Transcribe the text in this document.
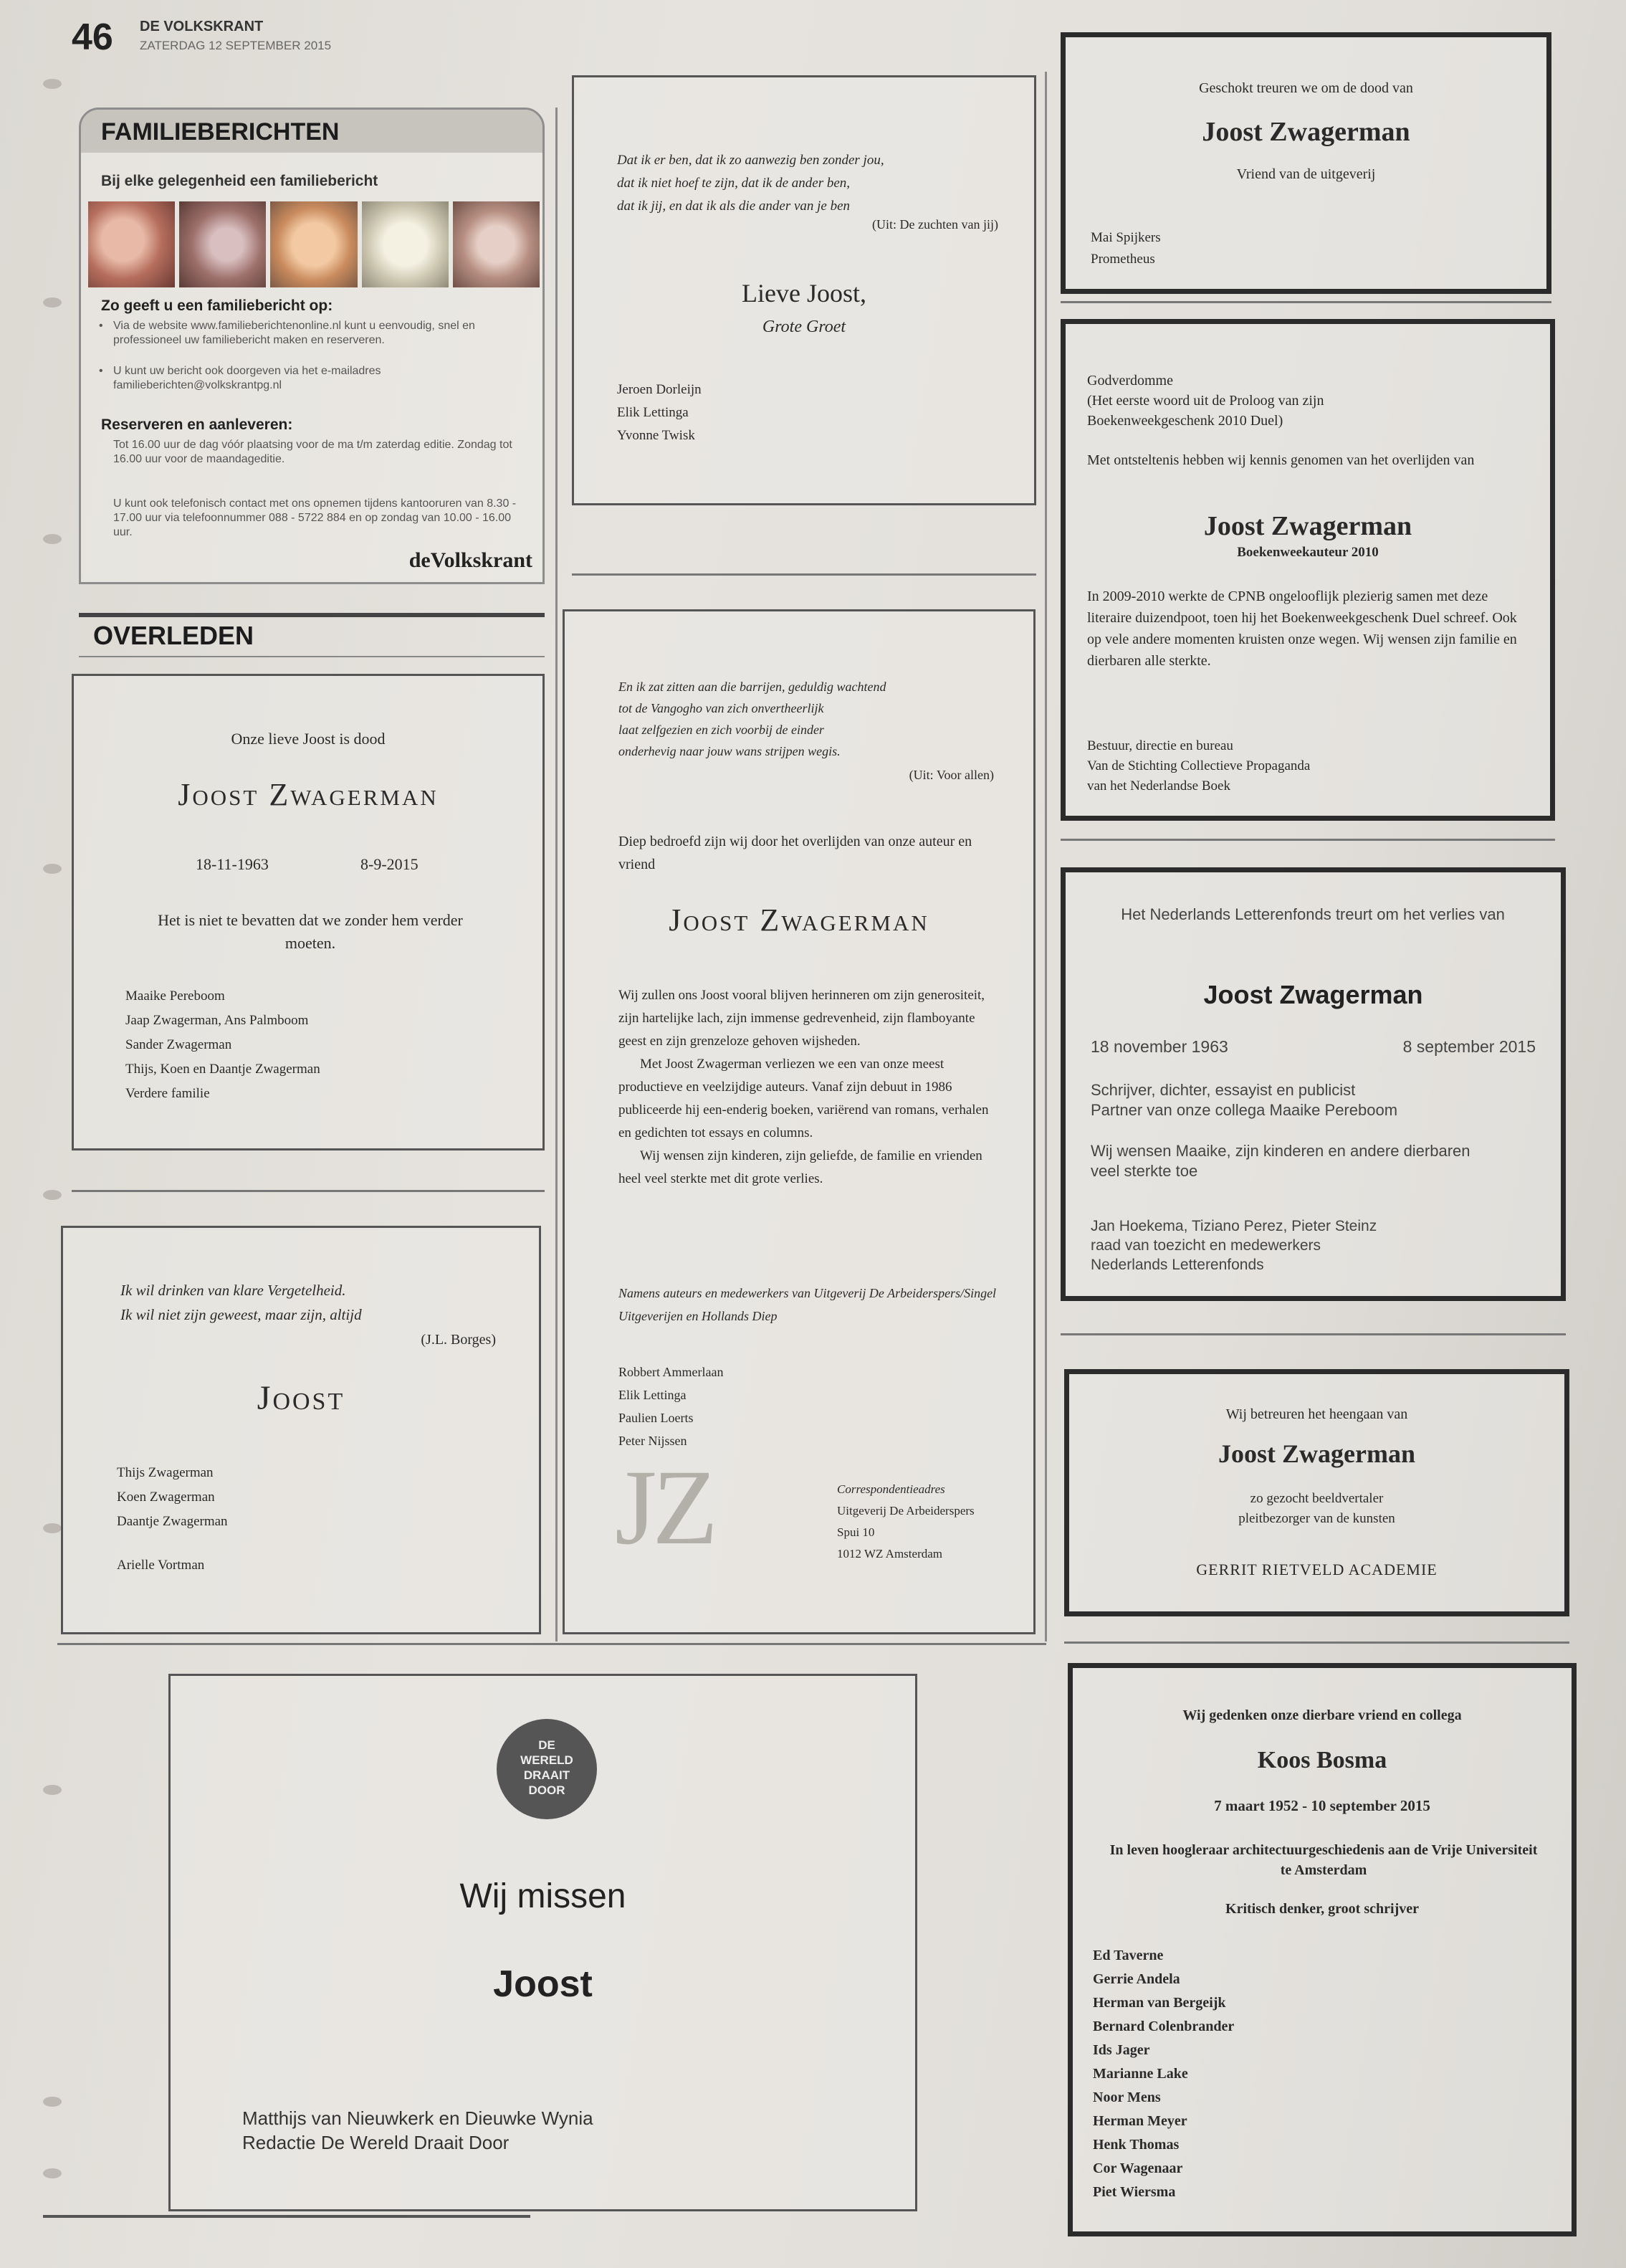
46 DE VOLKSKRANT
ZATERDAG 12 SEPTEMBER 2015
FAMILIEBERICHTEN
Bij elke gelegenheid een familiebericht
Zo geeft u een familiebericht op:
• Via de website www.familieberichtenonline.nl kunt u eenvoudig, snel en professioneel uw familiebericht maken en reserveren.
• U kunt uw bericht ook doorgeven via het e-mailadres familieberichten@volkskrantpg.nl
Reserveren en aanleveren:
Tot 16.00 uur de dag vóór plaatsing voor de ma t/m zaterdag editie. Zondag tot 16.00 uur voor de maandageditie.
U kunt ook telefonisch contact met ons opnemen tijdens kantooruren van 8.30 - 17.00 uur via telefoonnummer 088 - 5722 884 en op zondag van 10.00 - 16.00 uur.
deVolkskrant
OVERLEDEN
Onze lieve Joost is dood
Joost Zwagerman
18-11-1963	8-9-2015
Het is niet te bevatten dat we zonder hem verder moeten.
Maaike Pereboom
Jaap Zwagerman, Ans Palmboom
Sander Zwagerman
Thijs, Koen en Daantje Zwagerman
Verdere familie
Ik wil drinken van klare Vergetelheid.
Ik wil niet zijn geweest, maar zijn, altijd
(J.L. Borges)
Joost
Thijs Zwagerman
Koen Zwagerman
Daantje Zwagerman
Arielle Vortman
Dat ik er ben, dat ik zo aanwezig ben zonder jou,
dat ik niet hoef te zijn, dat ik de ander ben,
dat ik jij, en dat ik als die ander van je ben
(Uit: De zuchten van jij)
Lieve Joost,
Grote Groet
Jeroen Dorleijn
Elik Lettinga
Yvonne Twisk
En ik zat zitten aan die barrijen, geduldig wachtend
tot de Vangogho van zich onvertheerlijk
laat zelfgezien en zich voorbij de einder
onderhevig naar jouw wans strijpen wegis.
(Uit: Voor allen)
Diep bedroefd zijn wij door het overlijden van onze auteur en vriend
Joost Zwagerman

Wij zullen ons Joost vooral blijven herinneren om zijn generositeit, zijn hartelijke lach, zijn immense gedrevenheid, zijn flamboyante geest en zijn grenzeloze gehoven wijsheden.

Met Joost Zwagerman verliezen we een van onze meest productieve en veelzijdige auteurs. Vanaf zijn debuut in 1986 publiceerde hij een-enderig boeken, variërend van romans, verhalen en gedichten tot essays en columns.

Wij wensen zijn kinderen, zijn geliefde, de familie en vrienden heel veel sterkte met dit grote verlies.

Namens auteurs en medewerkers van Uitgeverij De Arbeiderspers/Singel Uitgeverijen en Hollands Diep
Robbert Ammerlaan
Elik Lettinga
Paulien Loerts
Peter Nijssen
JZ	Correspondentieadres
Uitgeverij De Arbeiderspers
Spui 10
1012 WZ Amsterdam
Geschokt treuren we om de dood van
Joost Zwagerman
Vriend van de uitgeverij
Mai Spijkers
Prometheus
Godverdomme
(Het eerste woord uit de Proloog van zijn
Boekenweekgeschenk 2010 Duel)
Met ontsteltenis hebben wij kennis genomen van het overlijden van
Joost Zwagerman
Boekenweekauteur 2010
In 2009-2010 werkte de CPNB ongelooflijk plezierig samen met deze literaire duizendpoot, toen hij het Boekenweekgeschenk Duel schreef. Ook op vele andere momenten kruisten onze wegen. Wij wensen zijn familie en dierbaren alle sterkte.
Bestuur, directie en bureau
Van de Stichting Collectieve Propaganda
van het Nederlandse Boek
Het Nederlands Letterenfonds treurt om het verlies van
Joost Zwagerman
18 november 1963	8 september 2015
Schrijver, dichter, essayist en publicist
Partner van onze collega Maaike Pereboom
Wij wensen Maaike, zijn kinderen en andere dierbaren veel sterkte toe
Jan Hoekema, Tiziano Perez, Pieter Steinz
raad van toezicht en medewerkers
Nederlands Letterenfonds
Wij betreuren het heengaan van
Joost Zwagerman
zo gezocht beeldvertaler
pleitbezorger van de kunsten
GERRIT RIETVELD ACADEMIE
DE
WERELD
DRAAIT
DOOR
Wij missen
Joost
Matthijs van Nieuwkerk en Dieuwke Wynia
Redactie De Wereld Draait Door
Wij gedenken onze dierbare vriend en collega
Koos Bosma
7 maart 1952 - 10 september 2015
In leven hoogleraar architectuurgeschiedenis aan de Vrije Universiteit te Amsterdam
Kritisch denker, groot schrijver
Ed Taverne
Gerrie Andela
Herman van Bergeijk
Bernard Colenbrander
Ids Jager
Marianne Lake
Noor Mens
Herman Meyer
Henk Thomas
Cor Wagenaar
Piet Wiersma
